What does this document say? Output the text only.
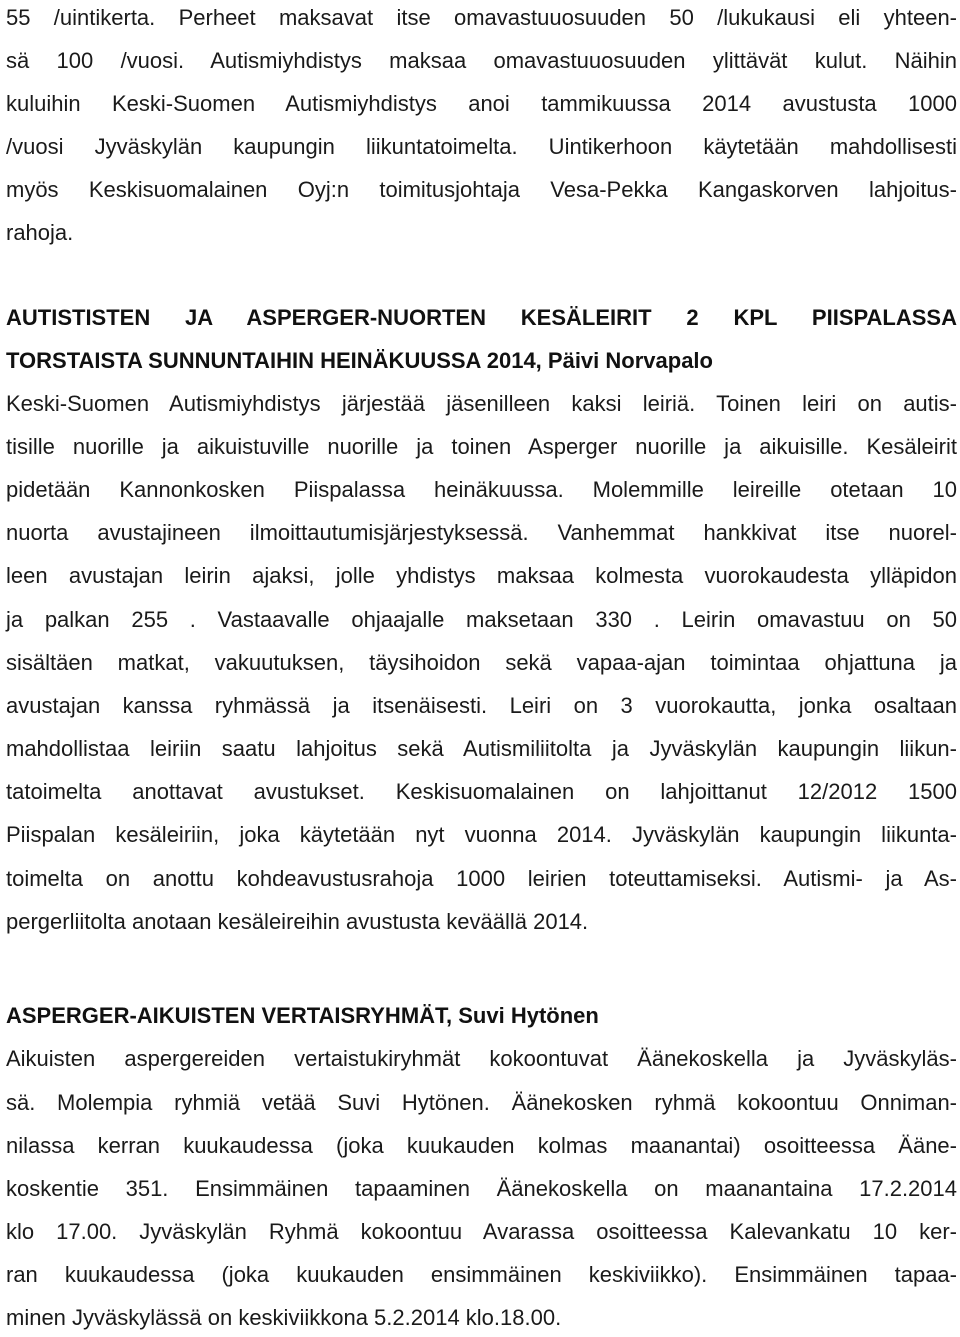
55 /uintikerta. Perheet maksavat itse omavastuuosuuden 50 /lukukausi eli yhteen-
sä 100 /vuosi. Autismiyhdistys maksaa omavastuuosuuden ylittävät kulut. Näihin
kuluihin Keski-Suomen Autismiyhdistys anoi tammikuussa 2014 avustusta 1000
/vuosi Jyväskylän kaupungin liikuntatoimelta. Uintikerhoon käytetään mahdollisesti
myös Keskisuomalainen Oyj:n toimitusjohtaja Vesa-Pekka Kangaskorven lahjoitus-
rahoja.
AUTISTISTEN JA ASPERGER-NUORTEN KESÄLEIRIT 2 KPL PIISPALASSA
TORSTAISTA SUNNUNTAIHIN HEINÄKUUSSA 2014, Päivi Norvapalo
Keski-Suomen Autismiyhdistys järjestää jäsenilleen kaksi leiriä. Toinen leiri on autis-
tisille nuorille ja aikuistuville nuorille ja toinen Asperger nuorille ja aikuisille. Kesäleirit
pidetään Kannonkosken Piispalassa heinäkuussa. Molemmille leireille otetaan 10
nuorta avustajineen ilmoittautumisjärjestyksessä. Vanhemmat hankkivat itse nuorel-
leen avustajan leirin ajaksi, jolle yhdistys maksaa kolmesta vuorokaudesta ylläpidon
ja palkan 255 . Vastaavalle ohjaajalle maksetaan 330 . Leirin omavastuu on 50
sisältäen matkat, vakuutuksen, täysihoidon sekä vapaa-ajan toimintaa ohjattuna ja
avustajan kanssa ryhmässä ja itsenäisesti. Leiri on 3 vuorokautta, jonka osaltaan
mahdollistaa leiriin saatu lahjoitus sekä Autismiliitolta ja Jyväskylän kaupungin liikun-
tatoimelta anottavat avustukset. Keskisuomalainen on lahjoittanut 12/2012 1500
Piispalan kesäleiriin, joka käytetään nyt vuonna 2014. Jyväskylän kaupungin liikunta-
toimelta on anottu kohdeavustusrahoja 1000 leirien toteuttamiseksi. Autismi- ja As-
pergerliitolta anotaan kesäleireihin avustusta keväällä 2014.
ASPERGER-AIKUISTEN VERTAISRYHMÄT, Suvi Hytönen
Aikuisten aspergereiden vertaistukiryhmät kokoontuvat Äänekoskella ja Jyväskyläs-
sä. Molempia ryhmiä vetää Suvi Hytönen. Äänekosken ryhmä kokoontuu Onniman-
nilassa kerran kuukaudessa (joka kuukauden kolmas maanantai) osoitteessa Ääne-
koskentie 351. Ensimmäinen tapaaminen Äänekoskella on maanantaina 17.2.2014
klo 17.00. Jyväskylän Ryhmä kokoontuu Avarassa osoitteessa Kalevankatu 10 ker-
ran kuukaudessa (joka kuukauden ensimmäinen keskiviikko). Ensimmäinen tapaa-
minen Jyväskylässä on keskiviikkona 5.2.2014 klo.18.00.
